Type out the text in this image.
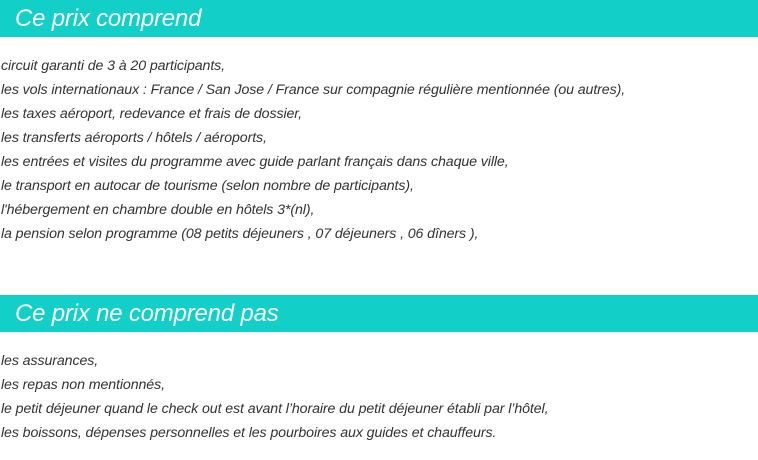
Ce prix comprend
circuit garanti de 3 à 20 participants,
les vols internationaux : France / San Jose / France sur compagnie régulière mentionnée (ou autres),
les taxes aéroport, redevance et frais de dossier,
les transferts aéroports / hôtels / aéroports,
les entrées et visites du programme avec guide parlant français dans chaque ville,
le transport en autocar de tourisme (selon nombre de participants),
l'hébergement en chambre double en hôtels 3*(nl),
la pension selon programme (08 petits déjeuners , 07 déjeuners , 06 dîners ),
Ce prix ne comprend pas
les assurances,
les repas non mentionnés,
le petit déjeuner quand le check out est avant l’horaire du petit déjeuner établi par l’hôtel,
les boissons, dépenses personnelles et les pourboires aux guides et chauffeurs.
